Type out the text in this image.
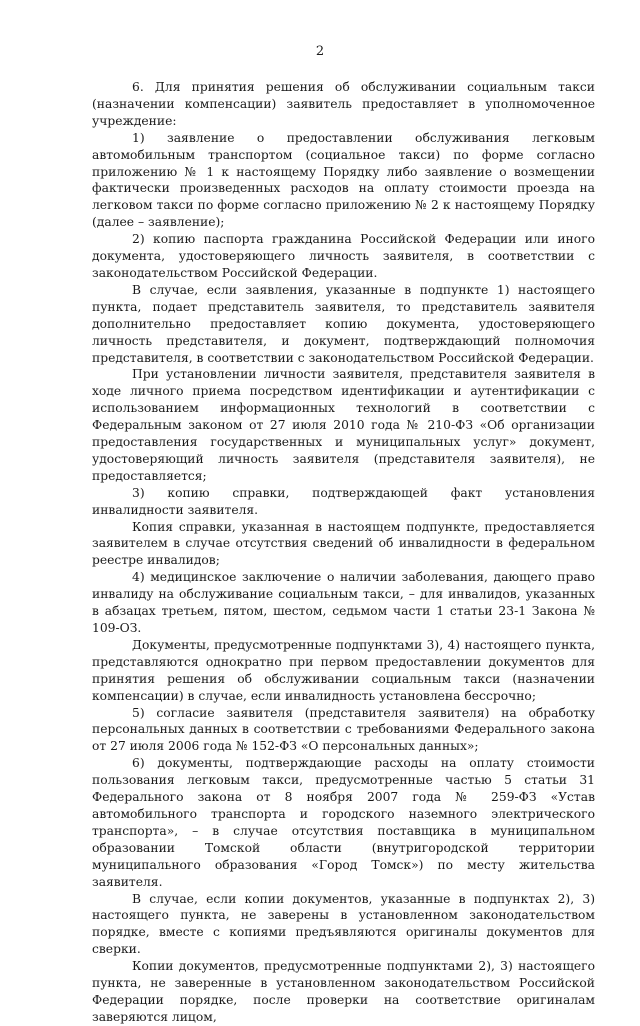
2

6. Для принятия решения об обслуживании социальным такси (назначении компенсации) заявитель предоставляет в уполномоченное учреждение:

1) заявление о предоставлении обслуживания легковым автомобильным транспортом (социальное такси) по форме согласно приложению № 1 к настоящему Порядку либо заявление о возмещении фактически произведенных расходов на оплату стоимости проезда на легковом такси по форме согласно приложению № 2 к настоящему Порядку (далее – заявление);

2) копию паспорта гражданина Российской Федерации или иного документа, удостоверяющего личность заявителя, в соответствии с законодательством Российской Федерации.

В случае, если заявления, указанные в подпункте 1) настоящего пункта, подает представитель заявителя, то представитель заявителя дополнительно предоставляет копию документа, удостоверяющего личность представителя, и документ, подтверждающий полномочия представителя, в соответствии с законодательством Российской Федерации.

При установлении личности заявителя, представителя заявителя в ходе личного приема посредством идентификации и аутентификации с использованием информационных технологий в соответствии с Федеральным законом от 27 июля 2010 года № 210-ФЗ «Об организации предоставления государственных и муниципальных услуг» документ, удостоверяющий личность заявителя (представителя заявителя), не предоставляется;

3) копию справки, подтверждающей факт установления инвалидности заявителя.

Копия справки, указанная в настоящем подпункте, предоставляется заявителем в случае отсутствия сведений об инвалидности в федеральном реестре инвалидов;

4) медицинское заключение о наличии заболевания, дающего право инвалиду на обслуживание социальным такси, – для инвалидов, указанных в абзацах третьем, пятом, шестом, седьмом части 1 статьи 23-1 Закона № 109-ОЗ.

Документы, предусмотренные подпунктами 3), 4) настоящего пункта, представляются однократно при первом предоставлении документов для принятия решения об обслуживании социальным такси (назначении компенсации) в случае, если инвалидность установлена бессрочно;

5) согласие заявителя (представителя заявителя) на обработку персональных данных в соответствии с требованиями Федерального закона от 27 июля 2006 года № 152-ФЗ «О персональных данных»;

6) документы, подтверждающие расходы на оплату стоимости пользования легковым такси, предусмотренные частью 5 статьи 31 Федерального закона от 8 ноября 2007 года № 259-ФЗ «Устав автомобильного транспорта и городского наземного электрического транспорта», – в случае отсутствия поставщика в муниципальном образовании Томской области (внутригородской территории муниципального образования «Город Томск») по месту жительства заявителя.

В случае, если копии документов, указанные в подпунктах 2), 3) настоящего пункта, не заверены в установленном законодательством порядке, вместе с копиями предъявляются оригиналы документов для сверки.

Копии документов, предусмотренные подпунктами 2), 3) настоящего пункта, не заверенные в установленном законодательством Российской Федерации порядке, после проверки на соответствие оригиналам заверяются лицом,
